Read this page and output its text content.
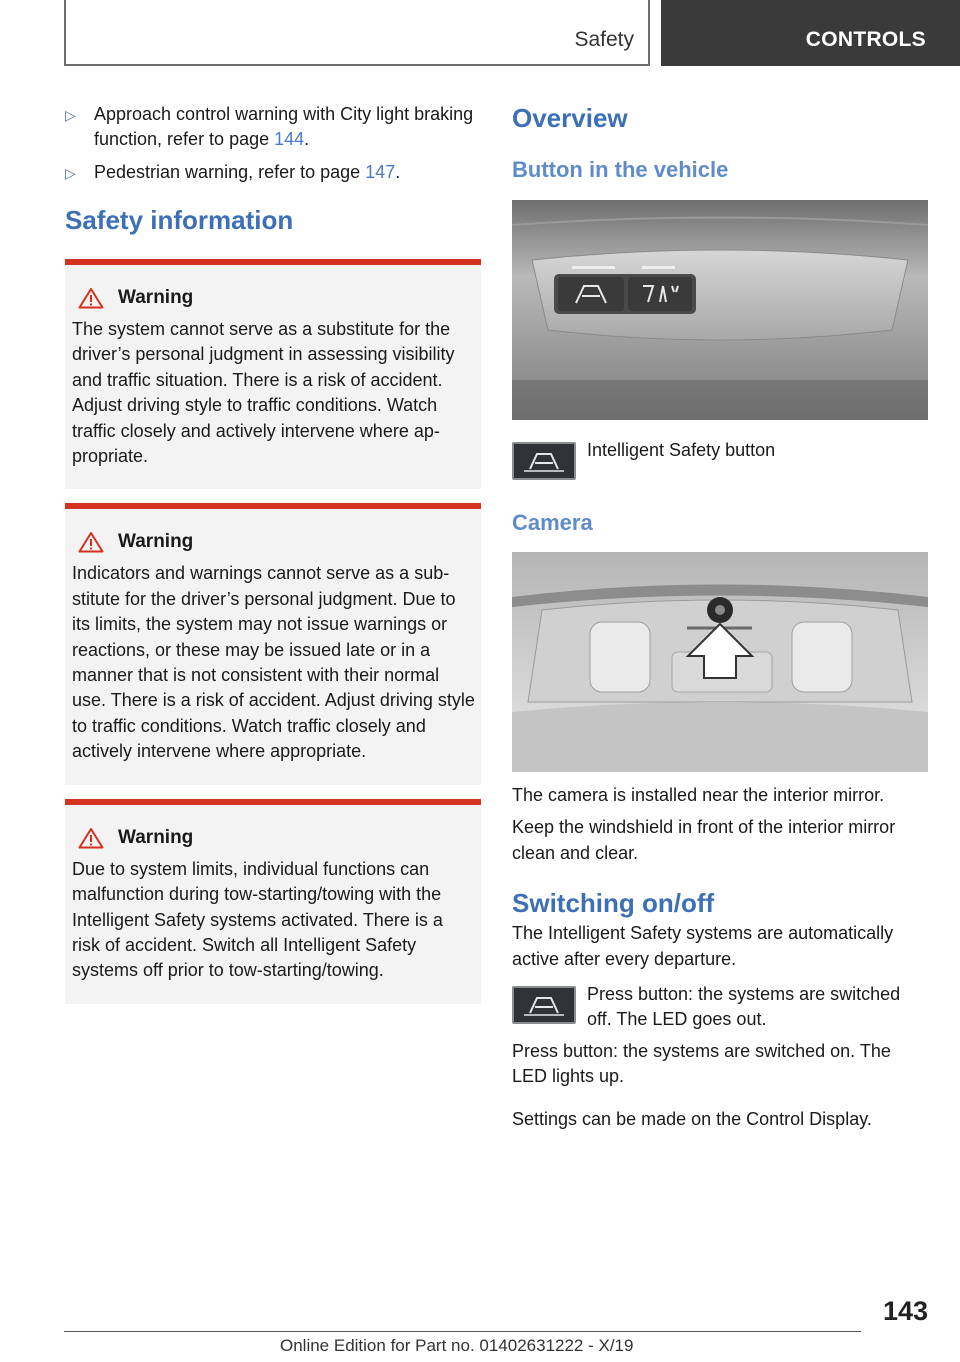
Safety	CONTROLS
▷ Approach control warning with City light braking function, refer to page 144.
▷ Pedestrian warning, refer to page 147.
Safety information
Warning
The system cannot serve as a substitute for the driver’s personal judgment in assessing visibility and traffic situation. There is a risk of accident. Adjust driving style to traffic conditions. Watch traffic closely and actively intervene where appropriate.
Warning
Indicators and warnings cannot serve as a substitute for the driver’s personal judgment. Due to its limits, the system may not issue warnings or reactions, or these may be issued late or in a manner that is not consistent with their normal use. There is a risk of accident. Adjust driving style to traffic conditions. Watch traffic closely and actively intervene where appropriate.
Warning
Due to system limits, individual functions can malfunction during tow-starting/towing with the Intelligent Safety systems activated. There is a risk of accident. Switch all Intelligent Safety systems off prior to tow-starting/towing.
Overview
Button in the vehicle
Intelligent Safety button
Camera
The camera is installed near the interior mirror.
Keep the windshield in front of the interior mirror clean and clear.
Switching on/off
The Intelligent Safety systems are automatically active after every departure.
Press button: the systems are switched off. The LED goes out.
Press button: the systems are switched on. The LED lights up.
Settings can be made on the Control Display.
143
Online Edition for Part no. 01402631222 - X/19
